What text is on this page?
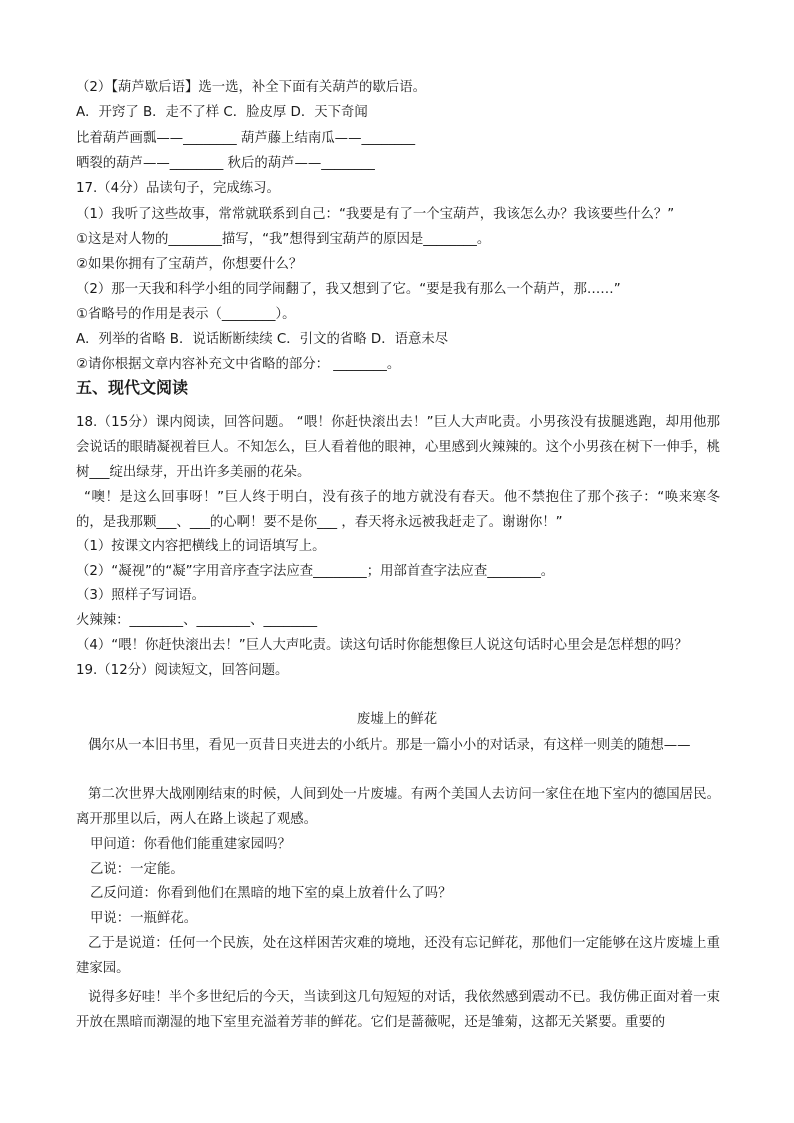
（2）【葫芦歇后语】选一选，补全下面有关葫芦的歇后语。
A．开窍了 B．走不了样 C．脸皮厚 D．天下奇闻
比着葫芦画瓢——________ 葫芦藤上结南瓜——________
晒裂的葫芦——________ 秋后的葫芦——________
17.（4分）品读句子，完成练习。
（1）我听了这些故事，常常就联系到自己：“我要是有了一个宝葫芦，我该怎么办？我该要些什么？”
①这是对人物的________描写，“我”想得到宝葫芦的原因是________。
②如果你拥有了宝葫芦，你想要什么？
（2）那一天我和科学小组的同学闹翻了，我又想到了它。“要是我有那么一个葫芦，那……”
①省略号的作用是表示（________）。
A．列举的省略 B．说话断断续续 C．引文的省略 D．语意未尽
②请你根据文章内容补充文中省略的部分： ________。
五、现代文阅读
18.（15分）课内阅读，回答问题。 “喂！你赶快滚出去！”巨人大声叱责。小男孩没有拔腿逃跑，却用他那会说话的眼睛凝视着巨人。不知怎么，巨人看着他的眼神，心里感到火辣辣的。这个小男孩在树下一伸手，桃树___绽出绿芽，开出许多美丽的花朵。
“噢！是这么回事呀！”巨人终于明白，没有孩子的地方就没有春天。他不禁抱住了那个孩子：“唤来寒冬的，是我那颗___、___的心啊！要不是你___ ，春天将永远被我赶走了。谢谢你！”
（1）按课文内容把横线上的词语填写上。
（2）“凝视”的“凝”字用音序查字法应查________；用部首查字法应查________。
（3）照样子写词语。
火辣辣：________、________、________
（4）“喂！你赶快滚出去！”巨人大声叱责。读这句话时你能想像巨人说这句话时心里会是怎样想的吗？
19.（12分）阅读短文，回答问题。
废墟上的鲜花
偶尔从一本旧书里，看见一页昔日夹进去的小纸片。那是一篇小小的对话录，有这样一则美的随想——
第二次世界大战刚刚结束的时候，人间到处一片废墟。有两个美国人去访问一家住在地下室内的德国居民。离开那里以后，两人在路上谈起了观感。
甲问道：你看他们能重建家园吗？
乙说：一定能。
乙反问道：你看到他们在黑暗的地下室的桌上放着什么了吗？
甲说：一瓶鲜花。
乙于是说道：任何一个民族，处在这样困苦灾难的境地，还没有忘记鲜花，那他们一定能够在这片废墟上重建家园。
说得多好哇！半个多世纪后的今天，当读到这几句短短的对话，我依然感到震动不已。我仿佛正面对着一束开放在黑暗而潮湿的地下室里充溢着芳菲的鲜花。它们是蔷薇呢，还是雏菊，这都无关紧要。重要的
